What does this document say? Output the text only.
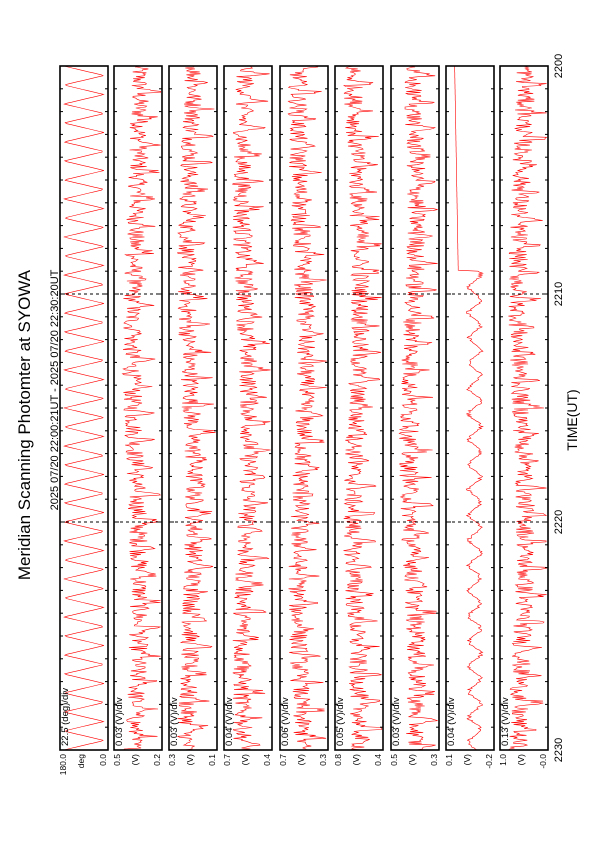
Meridian Scanning Photomter at SYOWA 2025 07/20 22:00:21UT - 2025 07/20 22:30:20UT	TIME(UT)
22.5 (deg)/div
180.0 deg 0.0
0.03 (V)/div
0.5 (V) 0.2
0.03 (V)/div
0.3 (V) 0.1
0.04 (V)/div
0.7 (V) 0.4
0.06 (V)/div
0.7 (V) 0.3
0.05 (V)/div
0.8 (V) 0.4
0.03 (V)/div
0.5 (V) 0.3
0.04 (V)/div
0.1 (V) -0.2
0.13 (V)/div
1.0 (V) -0.0
2200
2210
2220
2230
